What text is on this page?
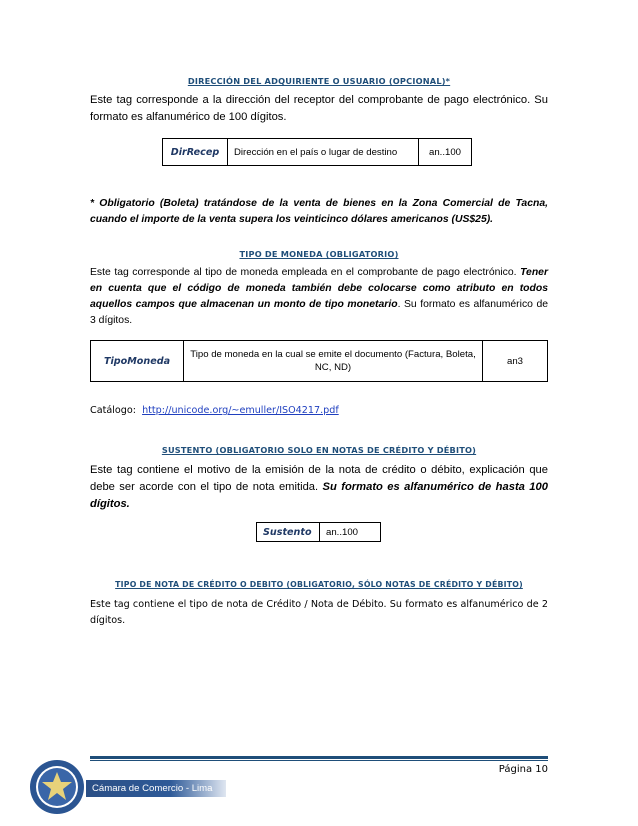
DIRECCIÓN DEL ADQUIRIENTE O USUARIO (OPCIONAL)*
Este tag corresponde a la dirección del receptor del comprobante de pago electrónico. Su formato es alfanumérico de 100 dígitos.
DirRecep	Dirección en el país o lugar de destino	an..100
* Obligatorio (Boleta) tratándose de la venta de bienes en la Zona Comercial de Tacna, cuando el importe de la venta supera los veinticinco dólares americanos (US$25).
TIPO DE MONEDA (OBLIGATORIO)
Este tag corresponde al tipo de moneda empleada en el comprobante de pago electrónico. Tener en cuenta que el código de moneda también debe colocarse como atributo en todos aquellos campos que almacenan un monto de tipo monetario. Su formato es alfanumérico de 3 dígitos.
TipoMoneda	Tipo de moneda en la cual se emite el documento (Factura, Boleta, NC, ND)	an3
Catálogo: http://unicode.org/~emuller/ISO4217.pdf
SUSTENTO (OBLIGATORIO SOLO EN NOTAS DE CRÉDITO Y DÉBITO)
Este tag contiene el motivo de la emisión de la nota de crédito o débito, explicación que debe ser acorde con el tipo de nota emitida. Su formato es alfanumérico de hasta 100 dígitos.
Sustento	an..100
TIPO DE NOTA DE CRÉDITO O DEBITO (OBLIGATORIO, SÓLO NOTAS DE CRÉDITO Y DÉBITO)
Este tag contiene el tipo de nota de Crédito / Nota de Débito. Su formato es alfanumérico de 2 dígitos.
Página 10
Cámara de Comercio - Lima
